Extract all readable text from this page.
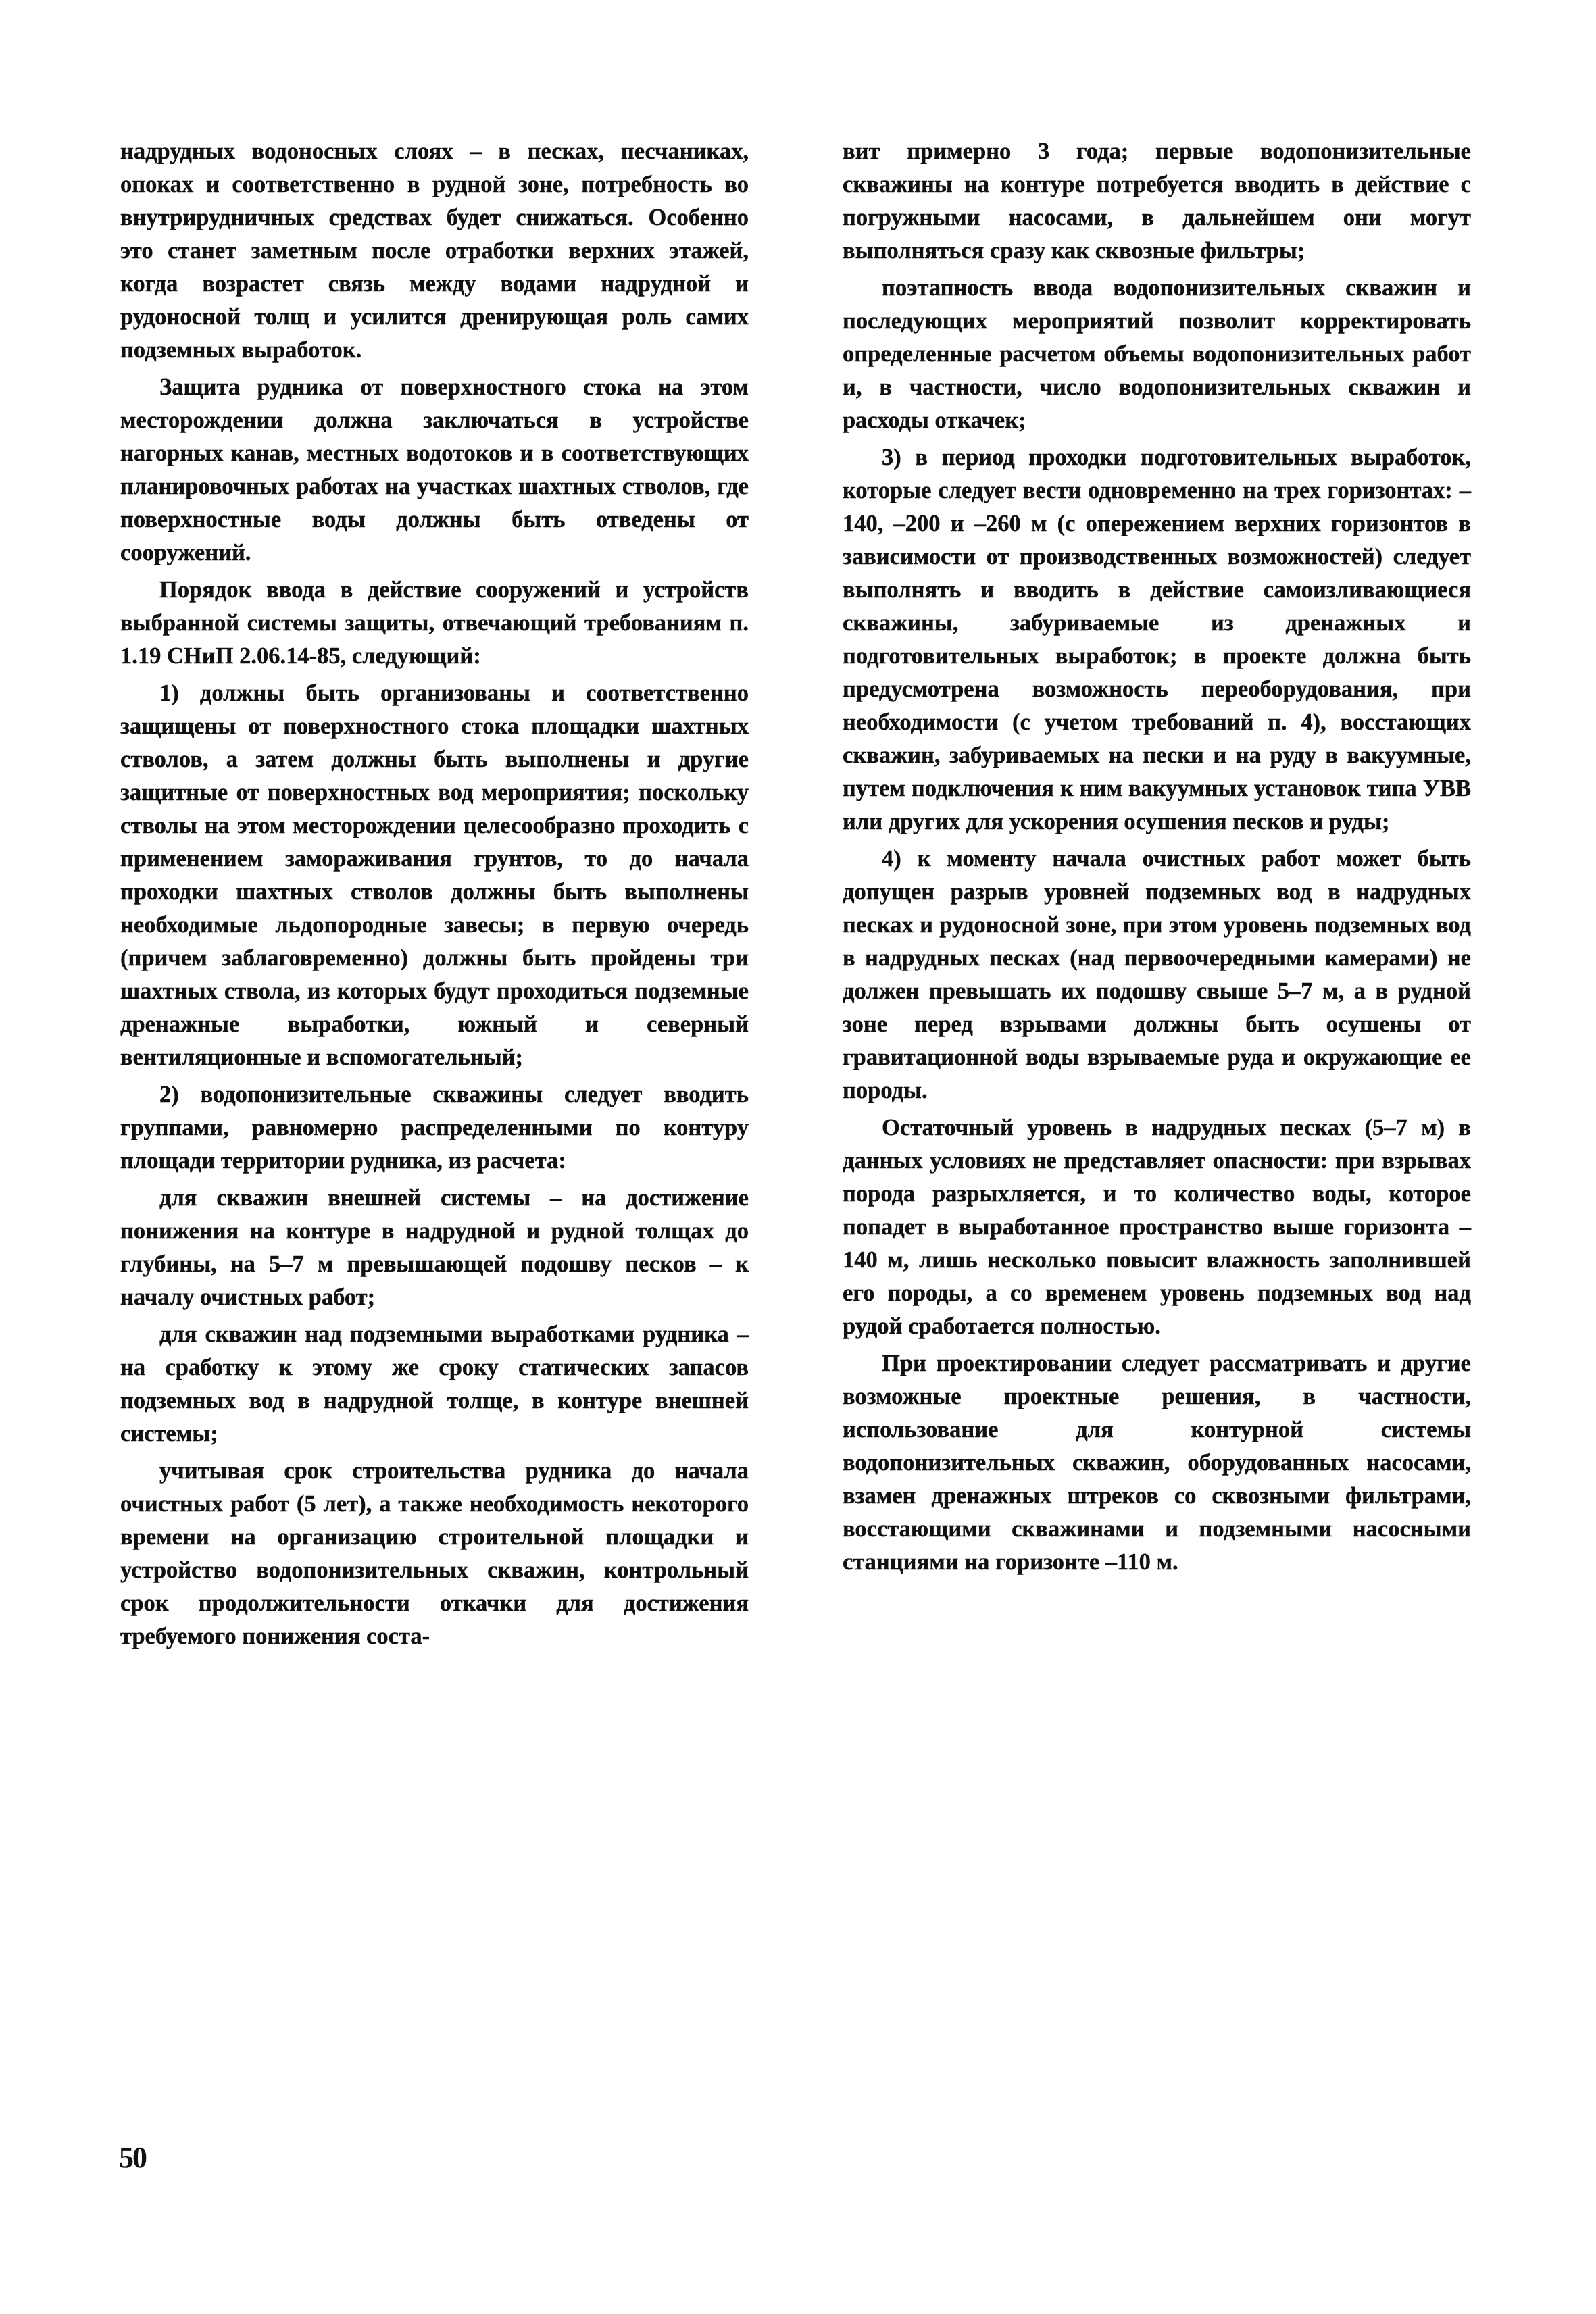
надрудных водоносных слоях – в песках, песчаниках, опоках и соответственно в рудной зоне, потребность во внутрирудничных средствах будет снижаться. Особенно это станет заметным после отработки верхних этажей, когда возрастет связь между водами надрудной и рудоносной толщ и усилится дренирующая роль самих подземных выработок.

Защита рудника от поверхностного стока на этом месторождении должна заключаться в устройстве нагорных канав, местных водотоков и в соответствующих планировочных работах на участках шахтных стволов, где поверхностные воды должны быть отведены от сооружений.

Порядок ввода в действие сооружений и устройств выбранной системы защиты, отвечающий требованиям п. 1.19 СНиП 2.06.14-85, следующий:

1) должны быть организованы и соответственно защищены от поверхностного стока площадки шахтных стволов, а затем должны быть выполнены и другие защитные от поверхностных вод мероприятия; поскольку стволы на этом месторождении целесообразно проходить с применением замораживания грунтов, то до начала проходки шахтных стволов должны быть выполнены необходимые льдопородные завесы; в первую очередь (причем заблаговременно) должны быть пройдены три шахтных ствола, из которых будут проходиться подземные дренажные выработки, южный и северный вентиляционные и вспомогательный;

2) водопонизительные скважины следует вводить группами, равномерно распределенными по контуру площади территории рудника, из расчета:

для скважин внешней системы – на достижение понижения на контуре в надрудной и рудной толщах до глубины, на 5–7 м превышающей подошву песков – к началу очистных работ;

для скважин над подземными выработками рудника – на сработку к этому же сроку статических запасов подземных вод в надрудной толще, в контуре внешней системы;

учитывая срок строительства рудника до начала очистных работ (5 лет), а также необходимость некоторого времени на организацию строительной площадки и устройство водопонизительных скважин, контрольный срок продолжительности откачки для достижения требуемого понижения соста-

вит примерно 3 года; первые водопонизительные скважины на контуре потребуется вводить в действие с погружными насосами, в дальнейшем они могут выполняться сразу как сквозные фильтры;

поэтапность ввода водопонизительных скважин и последующих мероприятий позволит корректировать определенные расчетом объемы водопонизительных работ и, в частности, число водопонизительных скважин и расходы откачек;

3) в период проходки подготовительных выработок, которые следует вести одновременно на трех горизонтах: –140, –200 и –260 м (с опережением верхних горизонтов в зависимости от производственных возможностей) следует выполнять и вводить в действие самоизливающиеся скважины, забуриваемые из дренажных и подготовительных выработок; в проекте должна быть предусмотрена возможность переоборудования, при необходимости (с учетом требований п. 4), восстающих скважин, забуриваемых на пески и на руду в вакуумные, путем подключения к ним вакуумных установок типа УВВ или других для ускорения осушения песков и руды;

4) к моменту начала очистных работ может быть допущен разрыв уровней подземных вод в надрудных песках и рудоносной зоне, при этом уровень подземных вод в надрудных песках (над первоочередными камерами) не должен превышать их подошву свыше 5–7 м, а в рудной зоне перед взрывами должны быть осушены от гравитационной воды взрываемые руда и окружающие ее породы.

Остаточный уровень в надрудных песках (5–7 м) в данных условиях не представляет опасности: при взрывах порода разрыхляется, и то количество воды, которое попадет в выработанное пространство выше горизонта –140 м, лишь несколько повысит влажность заполнившей его породы, а со временем уровень подземных вод над рудой сработается полностью.

При проектировании следует рассматривать и другие возможные проектные решения, в частности, использование для контурной системы водопонизительных скважин, оборудованных насосами, взамен дренажных штреков со сквозными фильтрами, восстающими скважинами и подземными насосными станциями на горизонте –110 м.

50
